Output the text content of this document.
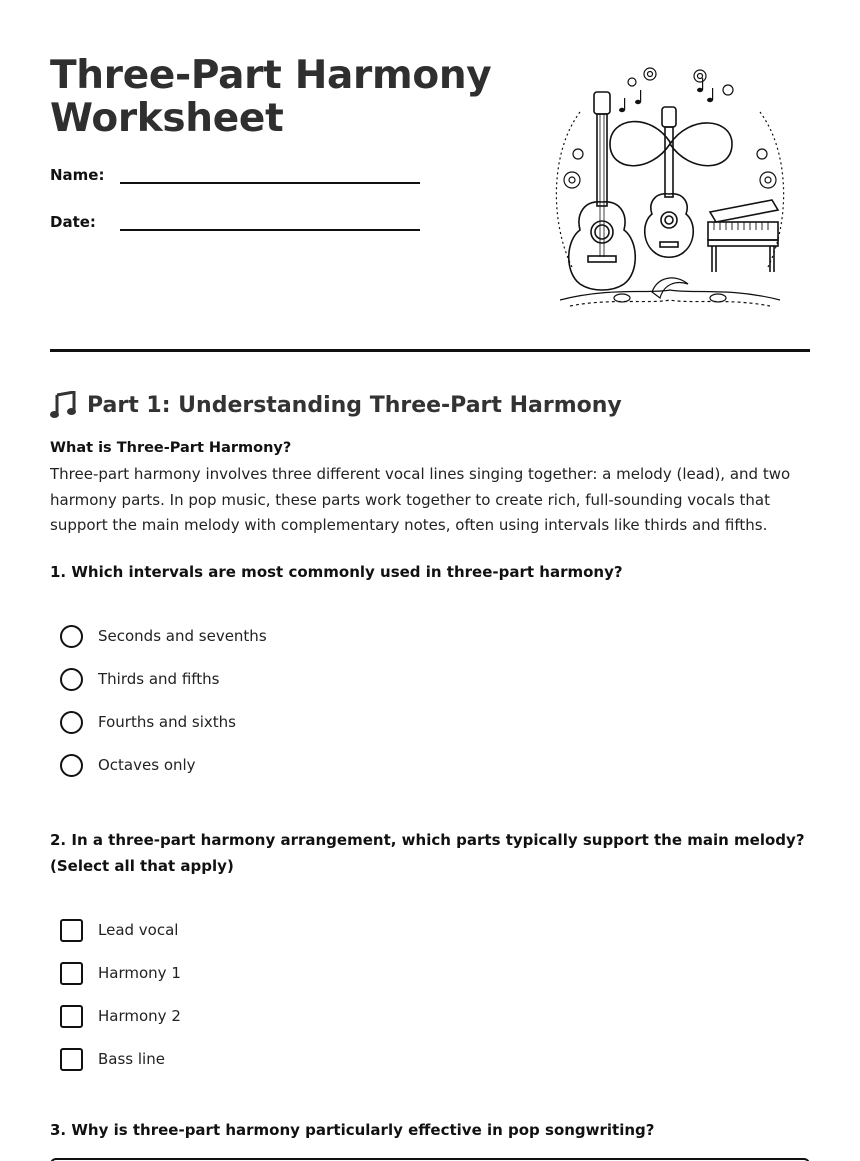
Three-Part Harmony Worksheet
Name:
Date:
Part 1: Understanding Three-Part Harmony

What is Three-Part Harmony?

Three-part harmony involves three different vocal lines singing together: a melody (lead), and two harmony parts. In pop music, these parts work together to create rich, full-sounding vocals that support the main melody with complementary notes, often using intervals like thirds and fifths.

1. Which intervals are most commonly used in three-part harmony?

Seconds and sevenths
Thirds and fifths
Fourths and sixths
Octaves only

2. In a three-part harmony arrangement, which parts typically support the main melody? (Select all that apply)

Lead vocal
Harmony 1
Harmony 2
Bass line

3. Why is three-part harmony particularly effective in pop songwriting?
